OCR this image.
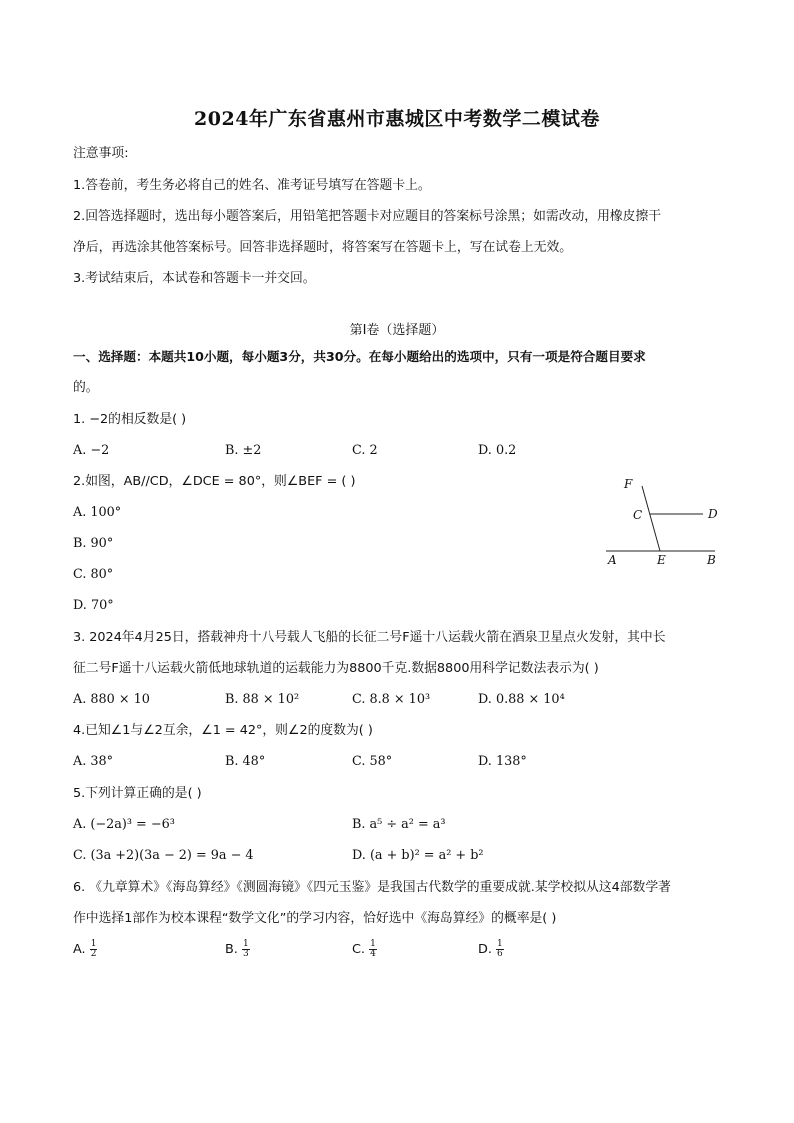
2024年广东省惠州市惠城区中考数学二模试卷
注意事项:
1.答卷前，考生务必将自己的姓名、准考证号填写在答题卡上。
2.回答选择题时，选出每小题答案后，用铅笔把答题卡对应题目的答案标号涂黑；如需改动，用橡皮擦干
净后，再选涂其他答案标号。回答非选择题时，将答案写在答题卡上，写在试卷上无效。
3.考试结束后，本试卷和答题卡一并交回。
第Ⅰ卷（选择题）
一、选择题：本题共10小题，每小题3分，共30分。在每小题给出的选项中，只有一项是符合题目要求
的。
1. −2的相反数是( )
A. −2	B. ±2	C. 2	D. 0.2
2.如图，AB//CD，∠DCE = 80°，则∠BEF = ( )
A. 100°
B. 90°
C. 80°
D. 70°
F
C	D
A	E	B
3. 2024年4月25日，搭载神舟十八号载人飞船的长征二号F遥十八运载火箭在酒泉卫星点火发射，其中长
征二号F遥十八运载火箭低地球轨道的运载能力为8800千克.数据8800用科学记数法表示为( )
A. 880 × 10	B. 88 × 10²	C. 8.8 × 10³	D. 0.88 × 10⁴
4.已知∠1与∠2互余，∠1 = 42°，则∠2的度数为( )
A. 38°	B. 48°	C. 58°	D. 138°
5.下列计算正确的是( )
A. (−2a)³ = −6³	B. a⁵ ÷ a² = a³
C. (3a +2)(3a − 2) = 9a − 4	D. (a + b)² = a² + b²
6. 《九章算术》《海岛算经》《测圆海镜》《四元玉鉴》是我国古代数学的重要成就.某学校拟从这4部数学著
作中选择1部作为校本课程“数学文化”的学习内容，恰好选中《海岛算经》的概率是( )
A. $\frac{1}{2}$	B. $\frac{1}{3}$	C. $\frac{1}{4}$	D. $\frac{1}{6}$
